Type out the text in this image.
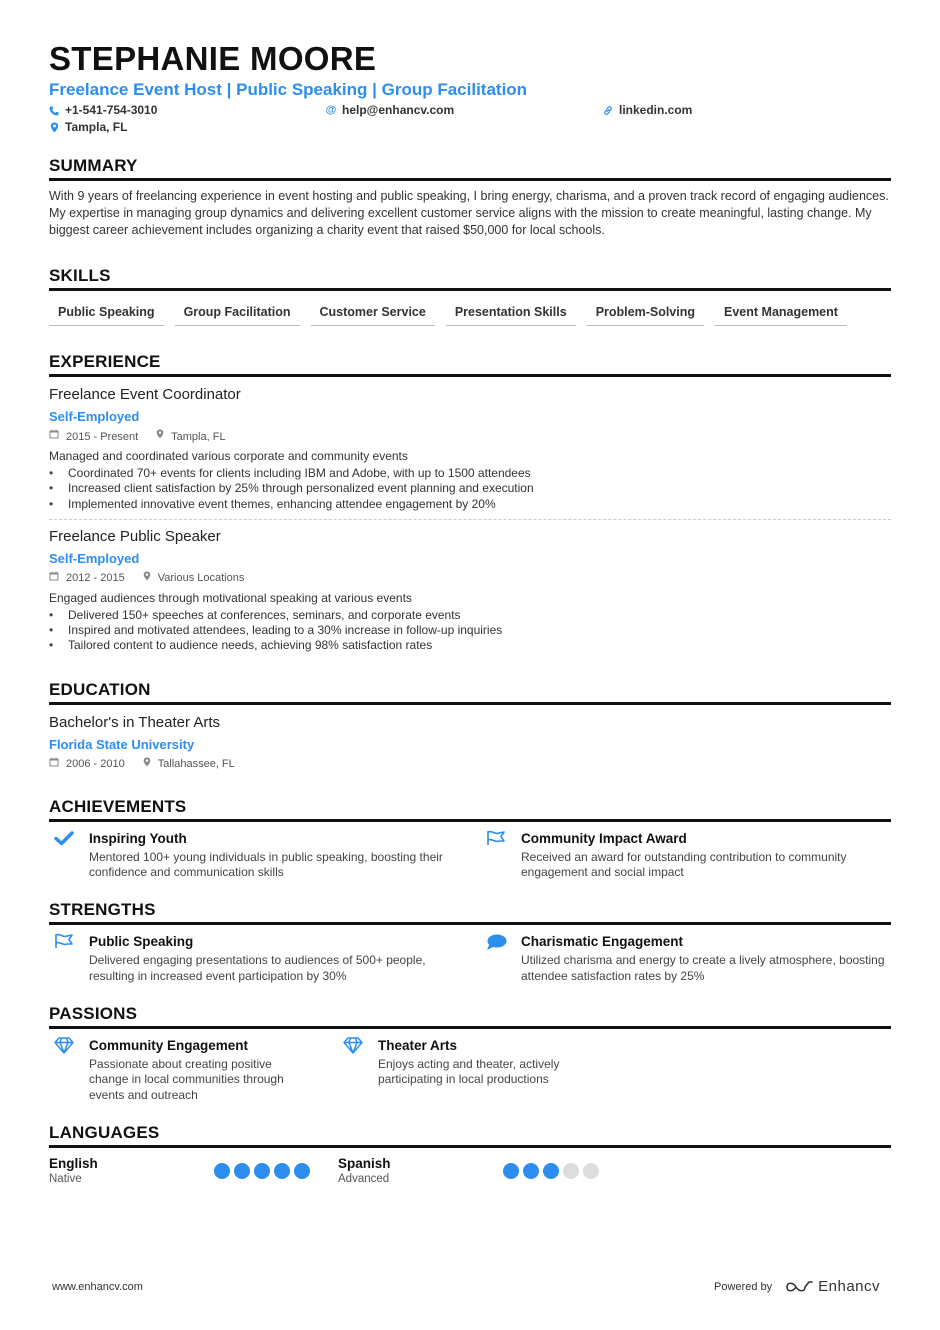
STEPHANIE MOORE
Freelance Event Host | Public Speaking | Group Facilitation
+1-541-754-3010	@ help@enhancv.com	linkedin.com
Tampla, FL
SUMMARY
With 9 years of freelancing experience in event hosting and public speaking, I bring energy, charisma, and a proven track record of engaging audiences. My expertise in managing group dynamics and delivering excellent customer service aligns with the mission to create meaningful, lasting change. My biggest career achievement includes organizing a charity event that raised $50,000 for local schools.
SKILLS
Public Speaking	Group Facilitation	Customer Service	Presentation Skills	Problem-Solving	Event Management
EXPERIENCE
Freelance Event Coordinator
Self-Employed
2015 - Present	Tampla, FL
Managed and coordinated various corporate and community events
• Coordinated 70+ events for clients including IBM and Adobe, with up to 1500 attendees
• Increased client satisfaction by 25% through personalized event planning and execution
• Implemented innovative event themes, enhancing attendee engagement by 20%
Freelance Public Speaker
Self-Employed
2012 - 2015	Various Locations
Engaged audiences through motivational speaking at various events
• Delivered 150+ speeches at conferences, seminars, and corporate events
• Inspired and motivated attendees, leading to a 30% increase in follow-up inquiries
• Tailored content to audience needs, achieving 98% satisfaction rates
EDUCATION
Bachelor's in Theater Arts
Florida State University
2006 - 2010	Tallahassee, FL
ACHIEVEMENTS
Inspiring Youth
Mentored 100+ young individuals in public speaking, boosting their confidence and communication skills
Community Impact Award
Received an award for outstanding contribution to community engagement and social impact
STRENGTHS
Public Speaking
Delivered engaging presentations to audiences of 500+ people, resulting in increased event participation by 30%
Charismatic Engagement
Utilized charisma and energy to create a lively atmosphere, boosting attendee satisfaction rates by 25%
PASSIONS
Community Engagement
Passionate about creating positive change in local communities through events and outreach
Theater Arts
Enjoys acting and theater, actively participating in local productions
LANGUAGES
English
Native
Spanish
Advanced
www.enhancv.com	Powered by	Enhancv
